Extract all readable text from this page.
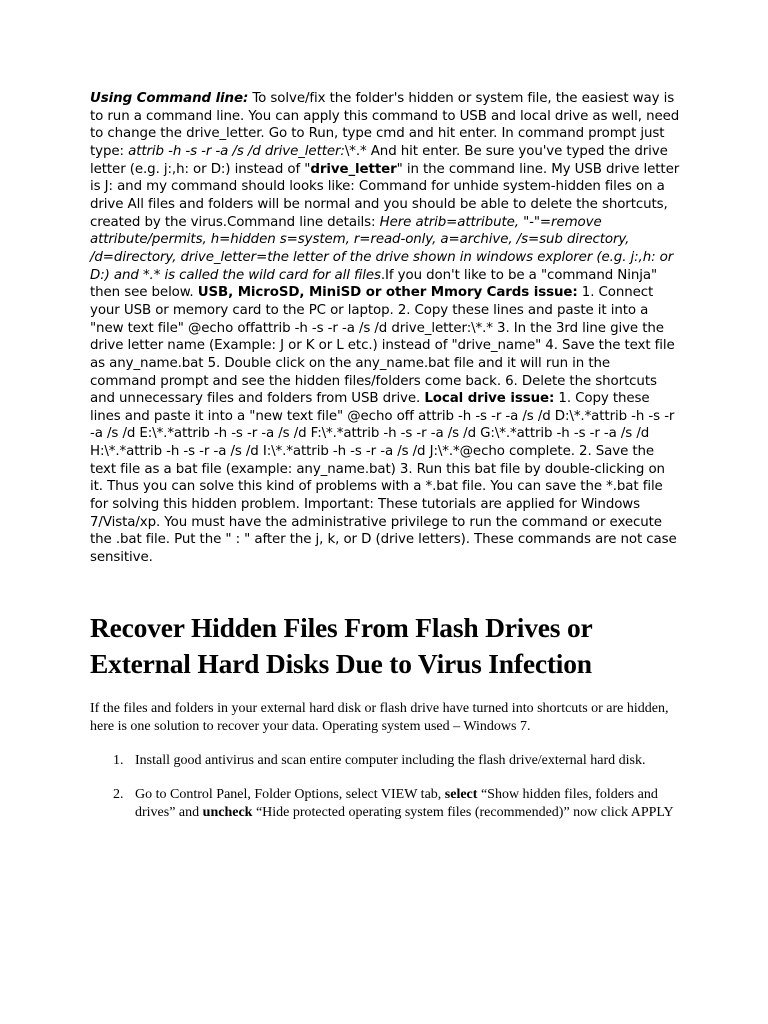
Using Command line: To solve/fix the folder's hidden or system file, the easiest way is to run a command line. You can apply this command to USB and local drive as well, need to change the drive_letter. Go to Run, type cmd and hit enter. In command prompt just type: attrib -h -s -r -a /s /d drive_letter:\*.* And hit enter. Be sure you've typed the drive letter (e.g. j:,h: or D:) instead of "drive_letter" in the command line. My USB drive letter is J: and my command should looks like: Command for unhide system-hidden files on a drive All files and folders will be normal and you should be able to delete the shortcuts, created by the virus.Command line details: Here atrib=attribute, "-"=remove attribute/permits, h=hidden s=system, r=read-only, a=archive, /s=sub directory, /d=directory, drive_letter=the letter of the drive shown in windows explorer (e.g. j:,h: or D:) and *.* is called the wild card for all files.If you don't like to be a "command Ninja" then see below. USB, MicroSD, MiniSD or other Mmory Cards issue: 1. Connect your USB or memory card to the PC or laptop. 2. Copy these lines and paste it into a "new text file" @echo offattrib -h -s -r -a /s /d drive_letter:\*.* 3. In the 3rd line give the drive letter name (Example: J or K or L etc.) instead of "drive_name" 4. Save the text file as any_name.bat 5. Double click on the any_name.bat file and it will run in the command prompt and see the hidden files/folders come back. 6. Delete the shortcuts and unnecessary files and folders from USB drive. Local drive issue: 1. Copy these lines and paste it into a "new text file" @echo off attrib -h -s -r -a /s /d D:\*.*attrib -h -s -r -a /s /d E:\*.*attrib -h -s -r -a /s /d F:\*.*attrib -h -s -r -a /s /d G:\*.*attrib -h -s -r -a /s /d H:\*.*attrib -h -s -r -a /s /d I:\*.*attrib -h -s -r -a /s /d J:\*.*@echo complete. 2. Save the text file as a bat file (example: any_name.bat) 3. Run this bat file by double-clicking on it. Thus you can solve this kind of problems with a *.bat file. You can save the *.bat file for solving this hidden problem. Important: These tutorials are applied for Windows 7/Vista/xp. You must have the administrative privilege to run the command or execute the .bat file. Put the " : " after the j, k, or D (drive letters). These commands are not case sensitive.
Recover Hidden Files From Flash Drives or External Hard Disks Due to Virus Infection

If the files and folders in your external hard disk or flash drive have turned into shortcuts or are hidden, here is one solution to recover your data. Operating system used – Windows 7.

1. Install good antivirus and scan entire computer including the flash drive/external hard disk.
2. Go to Control Panel, Folder Options, select VIEW tab, select “Show hidden files, folders and drives” and uncheck “Hide protected operating system files (recommended)” now click APPLY
